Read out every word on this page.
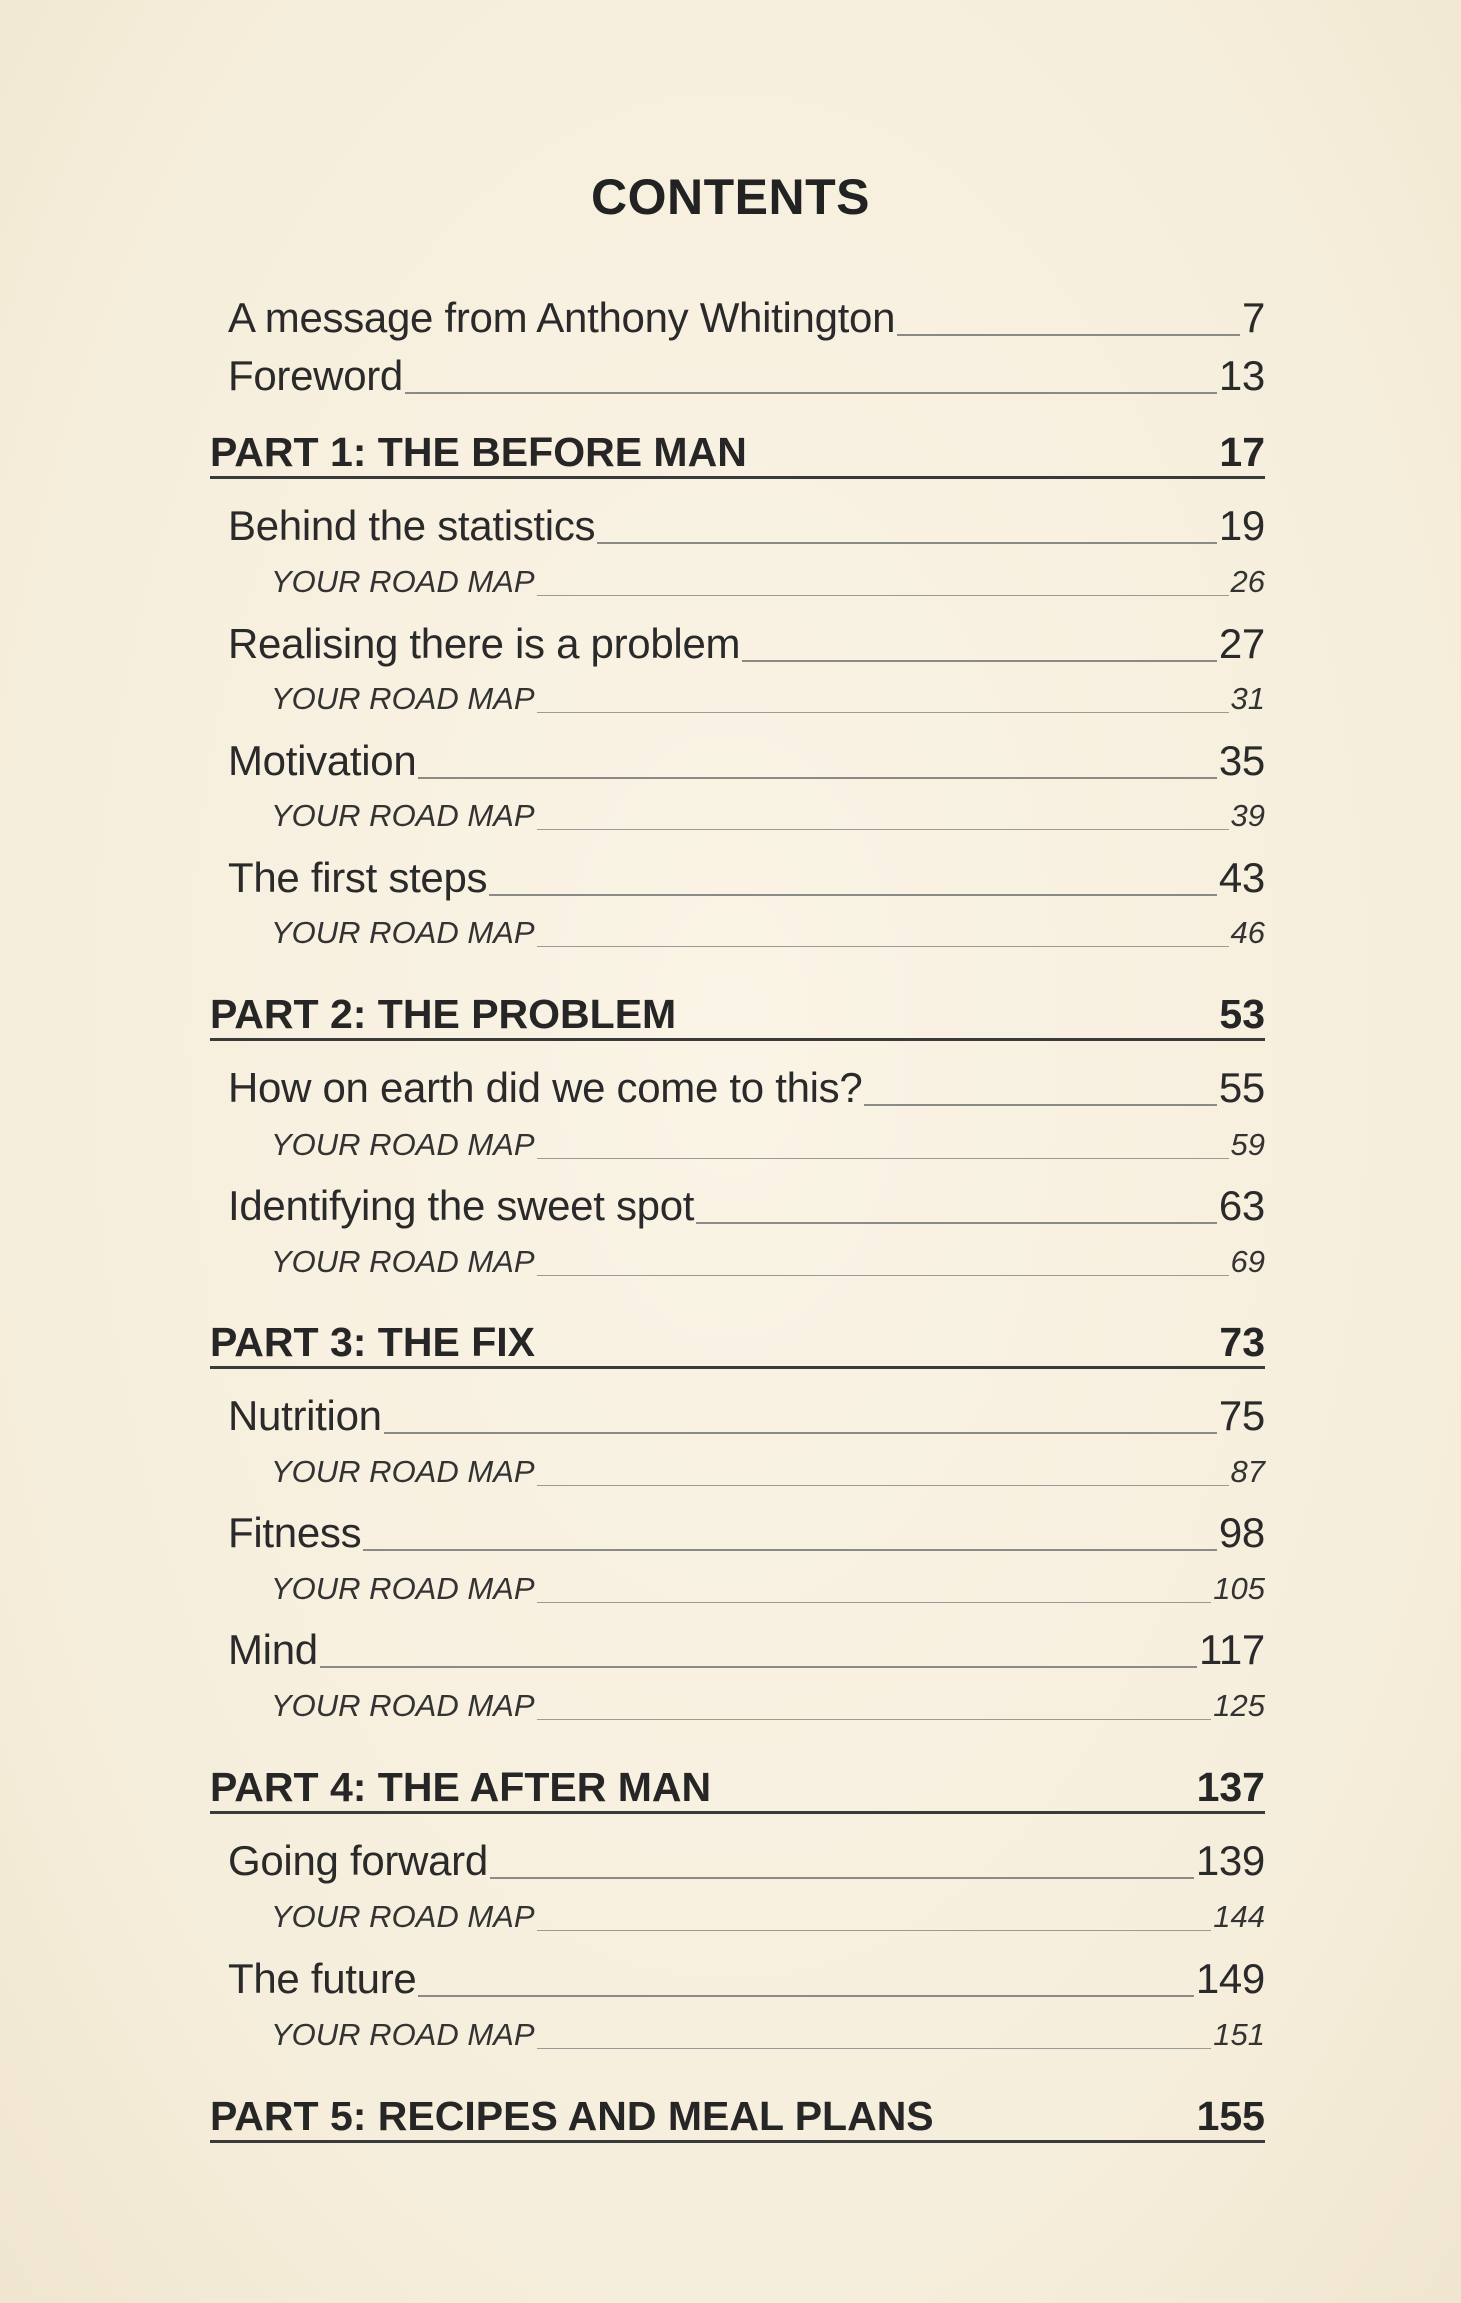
CONTENTS
A message from Anthony Whitington	7
Foreword	13
PART 1: THE BEFORE MAN	17
Behind the statistics	19
YOUR ROAD MAP	26
Realising there is a problem	27
YOUR ROAD MAP	31
Motivation	35
YOUR ROAD MAP	39
The first steps	43
YOUR ROAD MAP	46
PART 2: THE PROBLEM	53
How on earth did we come to this?	55
YOUR ROAD MAP	59
Identifying the sweet spot	63
YOUR ROAD MAP	69
PART 3: THE FIX	73
Nutrition	75
YOUR ROAD MAP	87
Fitness	98
YOUR ROAD MAP	105
Mind	117
YOUR ROAD MAP	125
PART 4: THE AFTER MAN	137
Going forward	139
YOUR ROAD MAP	144
The future	149
YOUR ROAD MAP	151
PART 5: RECIPES AND MEAL PLANS	155
